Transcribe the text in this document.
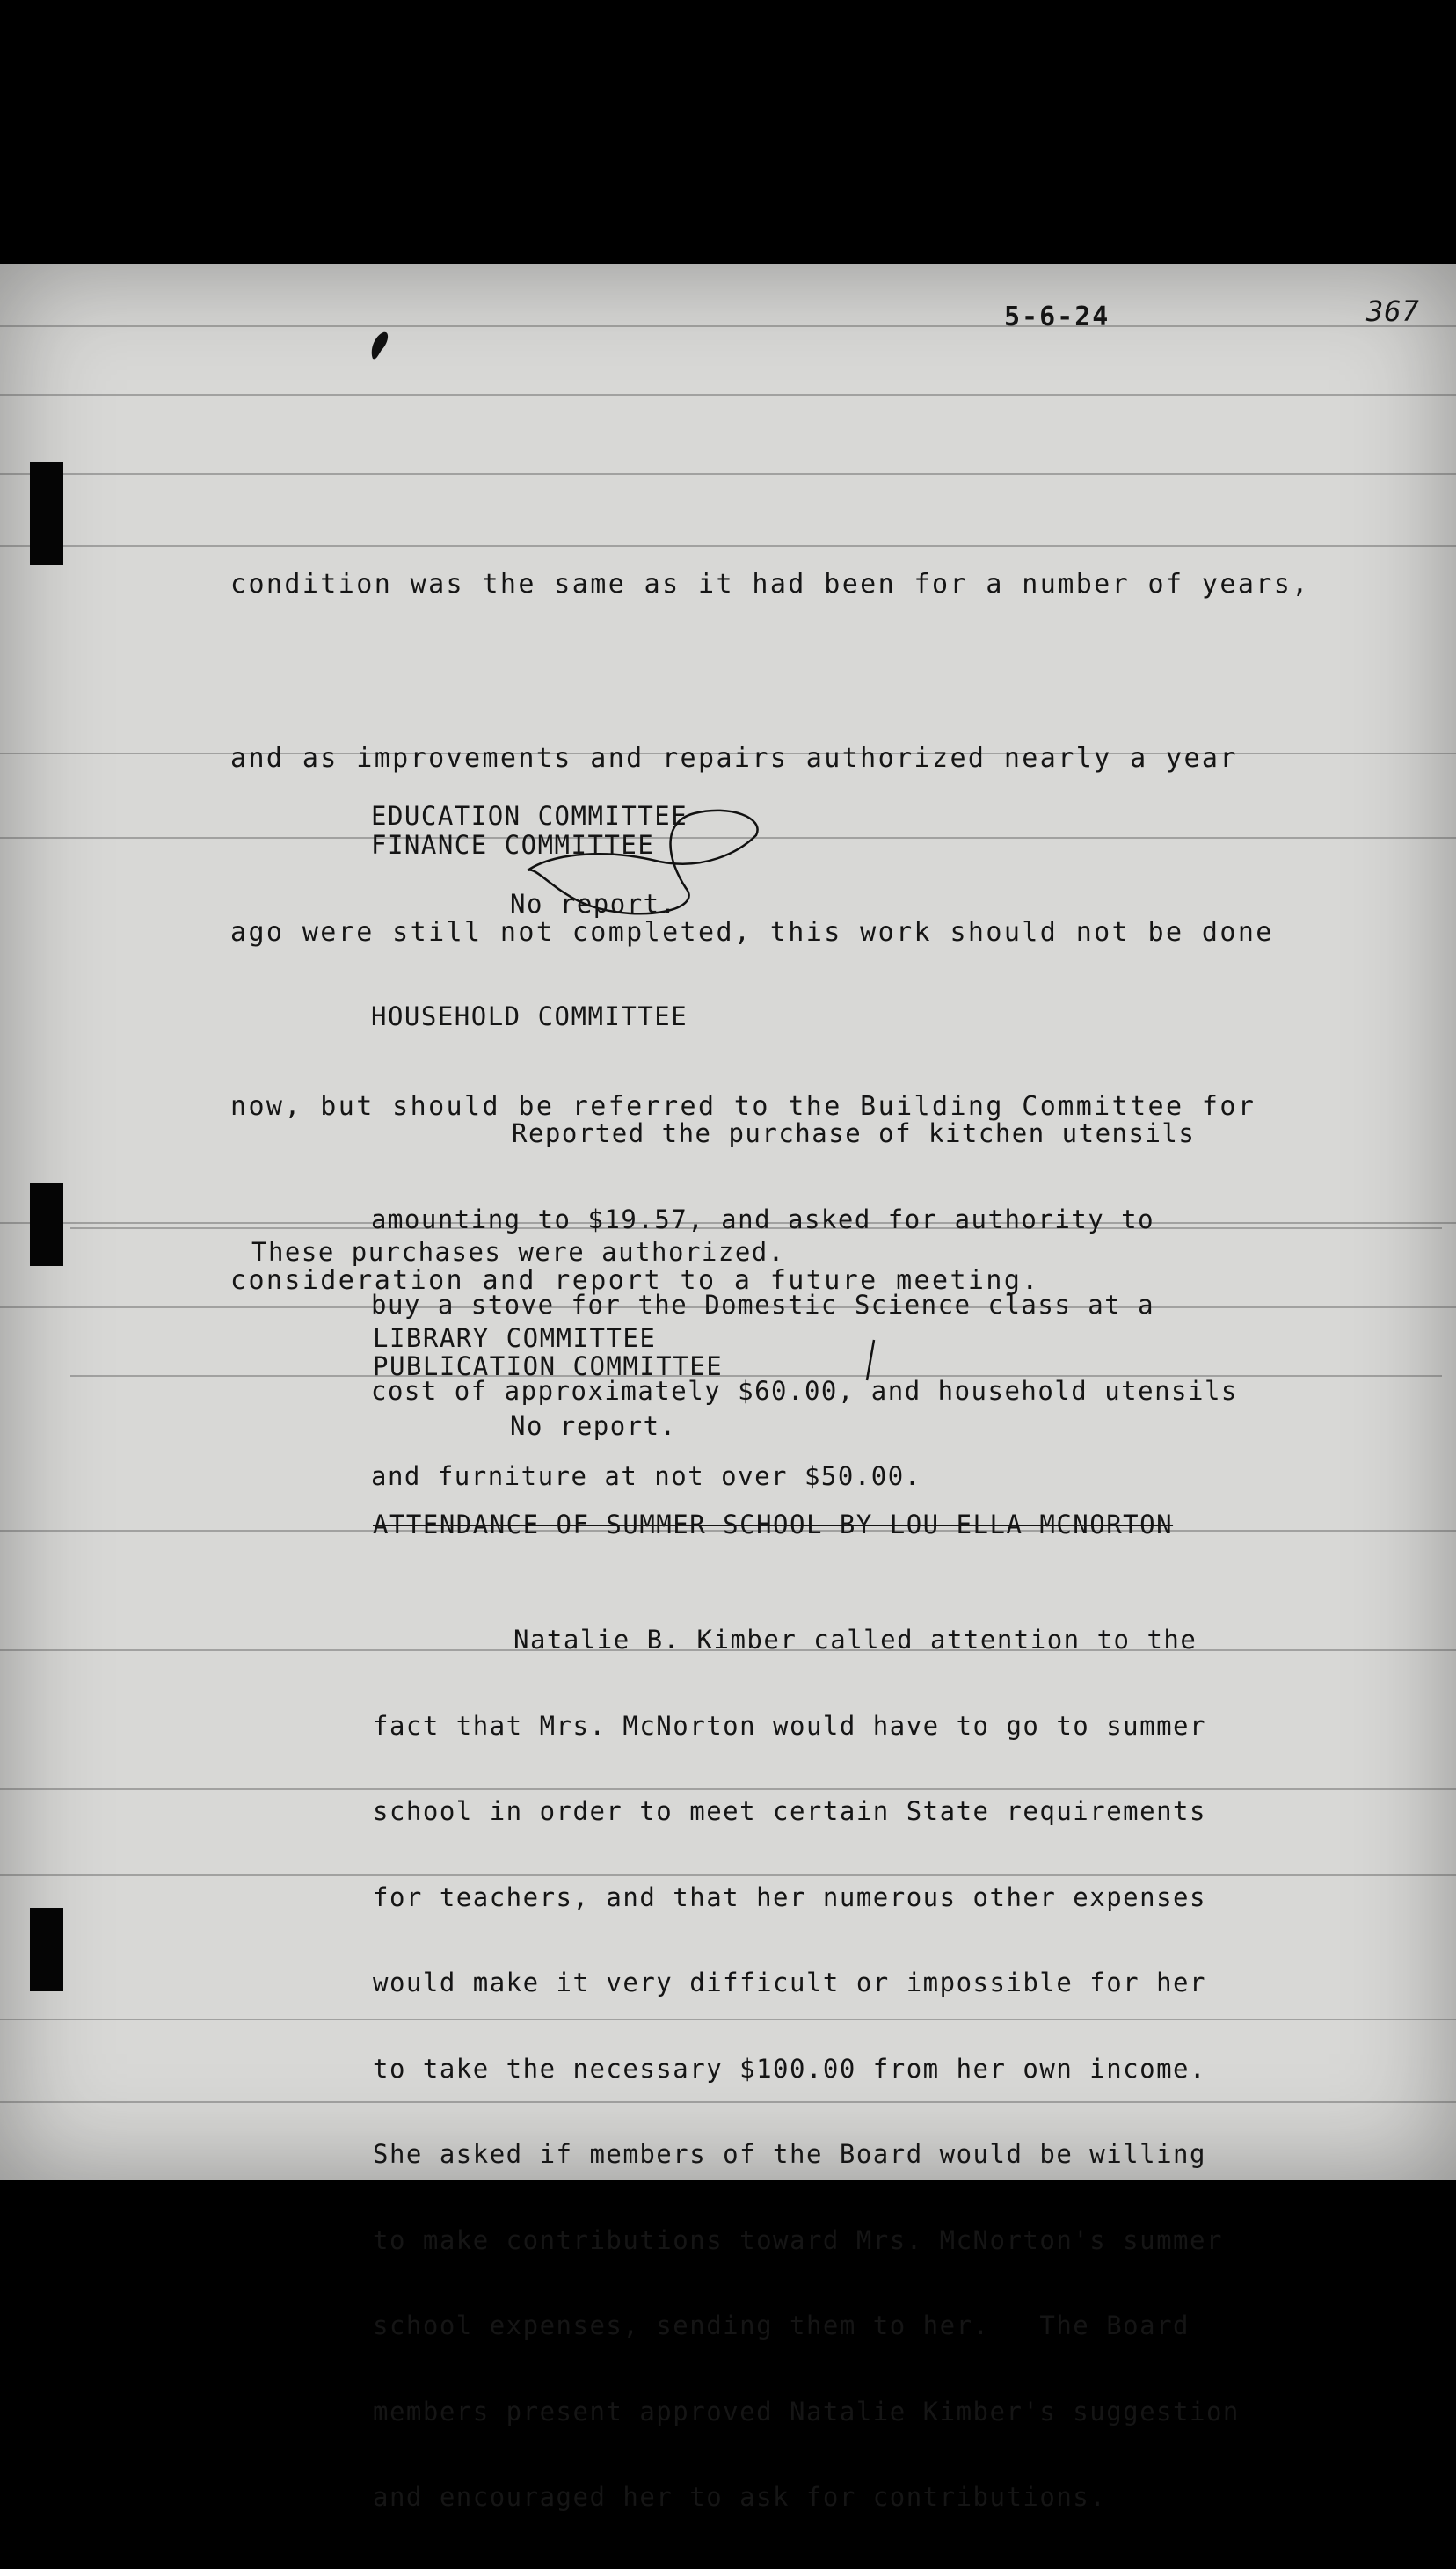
5-6-24	367

condition was the same as it had been for a number of years,

and as improvements and repairs authorized nearly a year

ago were still not completed, this work should not be done

now, but should be referred to the Building Committee for

consideration and report to a future meeting.

EDUCATION COMMITTEE
FINANCE COMMITTEE
No report.
HOUSEHOLD COMMITTEE

Reported the purchase of kitchen utensils

amounting to $19.57, and asked for authority to

buy a stove for the Domestic Science class at a

cost of approximately $60.00, and household utensils

and furniture at not over $50.00.

These purchases were authorized.
LIBRARY COMMITTEE
PUBLICATION COMMITTEE
No report.
ATTENDANCE OF SUMMER SCHOOL BY LOU ELLA MCNORTON

Natalie B. Kimber called attention to the

fact that Mrs. McNorton would have to go to summer

school in order to meet certain State requirements

for teachers, and that her numerous other expenses

would make it very difficult or impossible for her

to take the necessary $100.00 from her own income.

She asked if members of the Board would be willing

to make contributions toward Mrs. McNorton's summer

school expenses, sending them to her.   The Board

members present approved Natalie Kimber's suggestion

and encouraged her to ask for contributions.
